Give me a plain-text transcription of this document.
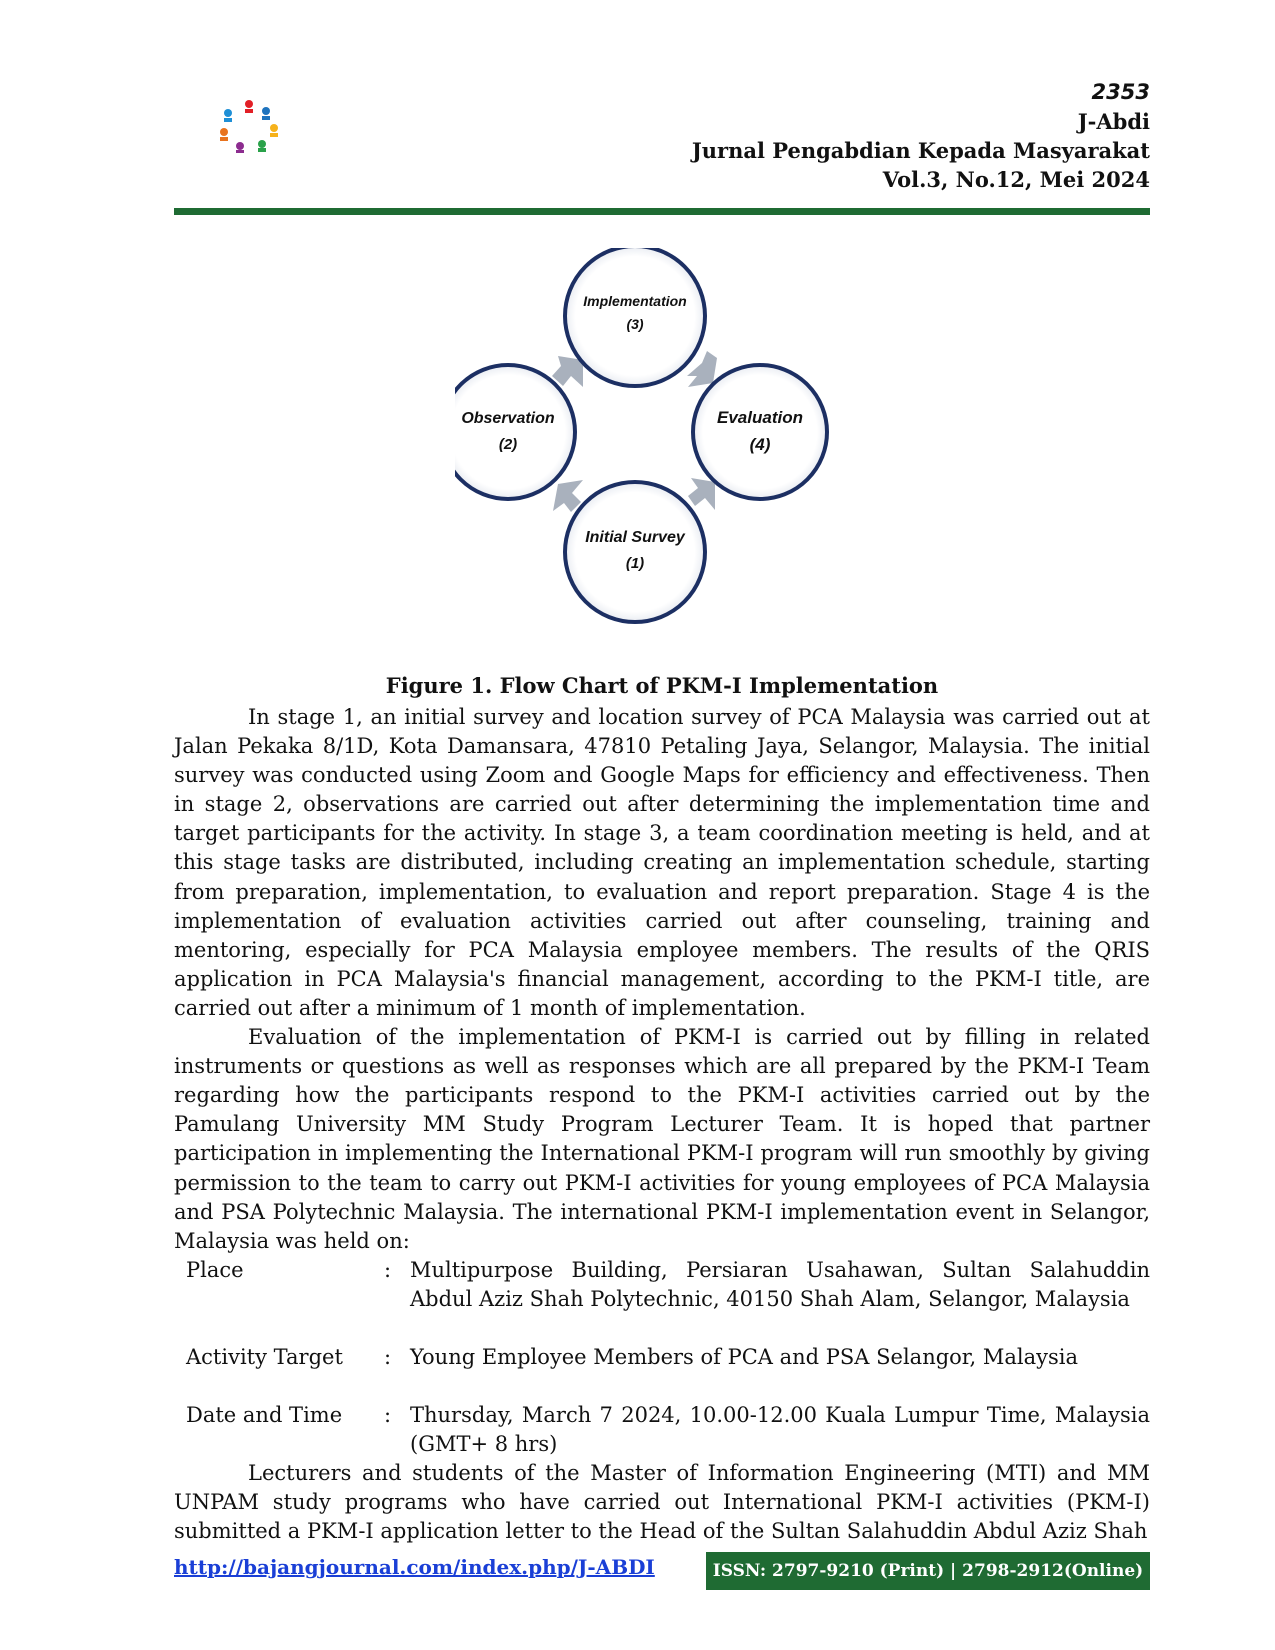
2353
J-Abdi
Jurnal Pengabdian Kepada Masyarakat
Vol.3, No.12, Mei 2024
Implementation
(3)
Observation
(2)
Evaluation
(4)
Initial Survey
(1)
Figure 1. Flow Chart of PKM-I Implementation

In stage 1, an initial survey and location survey of PCA Malaysia was carried out at Jalan Pekaka 8/1D, Kota Damansara, 47810 Petaling Jaya, Selangor, Malaysia. The initial survey was conducted using Zoom and Google Maps for efficiency and effectiveness. Then in stage 2, observations are carried out after determining the implementation time and target participants for the activity. In stage 3, a team coordination meeting is held, and at this stage tasks are distributed, including creating an implementation schedule, starting from preparation, implementation, to evaluation and report preparation. Stage 4 is the implementation of evaluation activities carried out after counseling, training and mentoring, especially for PCA Malaysia employee members. The results of the QRIS application in PCA Malaysia's financial management, according to the PKM-I title, are carried out after a minimum of 1 month of implementation.

Evaluation of the implementation of PKM-I is carried out by filling in related instruments or questions as well as responses which are all prepared by the PKM-I Team regarding how the participants respond to the PKM-I activities carried out by the Pamulang University MM Study Program Lecturer Team. It is hoped that partner participation in implementing the International PKM-I program will run smoothly by giving permission to the team to carry out PKM-I activities for young employees of PCA Malaysia and PSA Polytechnic Malaysia. The international PKM-I implementation event in Selangor, Malaysia was held on:

Place	:	Multipurpose Building, Persiaran Usahawan, Sultan Salahuddin Abdul Aziz Shah Polytechnic, 40150 Shah Alam, Selangor, Malaysia
Activity Target	:	Young Employee Members of PCA and PSA Selangor, Malaysia
Date and Time	:	Thursday, March 7 2024, 10.00-12.00 Kuala Lumpur Time, Malaysia (GMT+ 8 hrs)

Lecturers and students of the Master of Information Engineering (MTI) and MM UNPAM study programs who have carried out International PKM-I activities (PKM-I) submitted a PKM-I application letter to the Head of the Sultan Salahuddin Abdul Aziz Shah

http://bajangjournal.com/index.php/J-ABDI	ISSN: 2797-9210 (Print) | 2798-2912(Online)
